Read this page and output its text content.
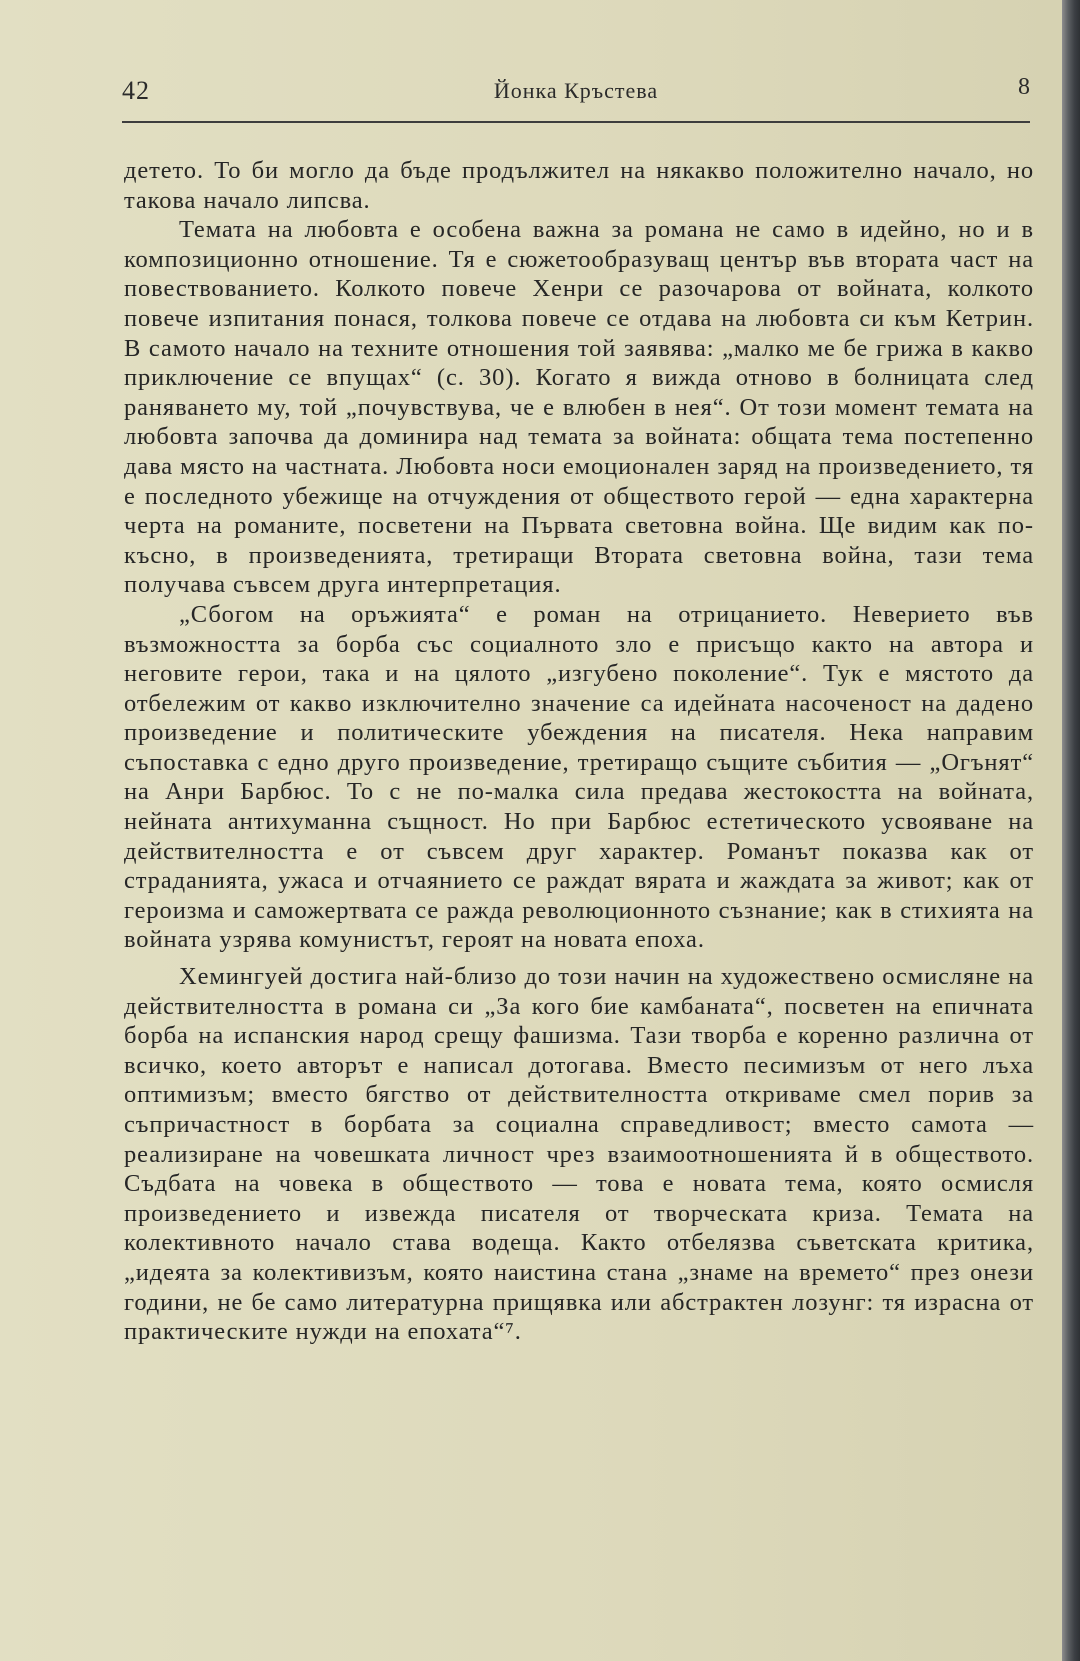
42	Йонка Кръстева	8

детето. То би могло да бъде продължител на някакво положително начало, но такова начало липсва.

Темата на любовта е особена важна за романа не само в идейно, но и в композиционно отношение. Тя е сюжетообразуващ център във втората част на повествованието. Колкото повече Хенри се разочарова от войната, колкото повече изпитания понася, толкова повече се отдава на любовта си към Кетрин. В самото начало на техните отношения той заявява: „малко ме бе грижа в какво приключение се впущах“ (с. 30). Когато я вижда отново в болницата след раняването му, той „почувствува, че е влюбен в нея“. От този момент темата на любовта започва да доминира над темата за войната: общата тема постепенно дава място на частната. Любовта носи емоционален заряд на произведението, тя е последното убежище на отчуждения от обществото герой — една характерна черта на романите, посветени на Първата световна война. Ще видим как по-късно, в произведенията, третиращи Втората световна война, тази тема получава съвсем друга интерпретация.

„Сбогом на оръжията“ е роман на отрицанието. Неверието във възможността за борба със социалното зло е присъщо както на автора и неговите герои, така и на цялото „изгубено поколение“. Тук е мястото да отбележим от какво изключително значение са идейната насоченост на дадено произведение и политическите убеждения на писателя. Нека направим съпоставка с едно друго произведение, третиращо същите събития — „Огънят“ на Анри Барбюс. То с не по-малка сила предава жестокостта на войната, нейната антихуманна същност. Но при Барбюс естетическото усвояване на действителността е от съвсем друг характер. Романът показва как от страданията, ужаса и отчаянието се раждат вярата и жаждата за живот; как от героизма и саможертвата се ражда революционното съзнание; как в стихията на войната узрява комунистът, героят на новата епоха.

Хемингуей достига най-близо до този начин на художествено осмисляне на действителността в романа си „За кого бие камбаната“, посветен на епичната борба на испанския народ срещу фашизма. Тази творба е коренно различна от всичко, което авторът е написал дотогава. Вместо песимизъм от него лъха оптимизъм; вместо бягство от действителността откриваме смел порив за съпричастност в борбата за социална справедливост; вместо самота — реализиране на човешката личност чрез взаимоотношенията й в обществото. Съдбата на човека в обществото — това е новата тема, която осмисля произведението и извежда писателя от творческата криза. Темата на колективното начало става водеща. Както отбелязва съветската критика, „идеята за колективизъм, която наистина стана „знаме на времето“ през онези години, не бе само литературна прищявка или абстрактен лозунг: тя израсна от практическите нужди на епохата“⁷.
